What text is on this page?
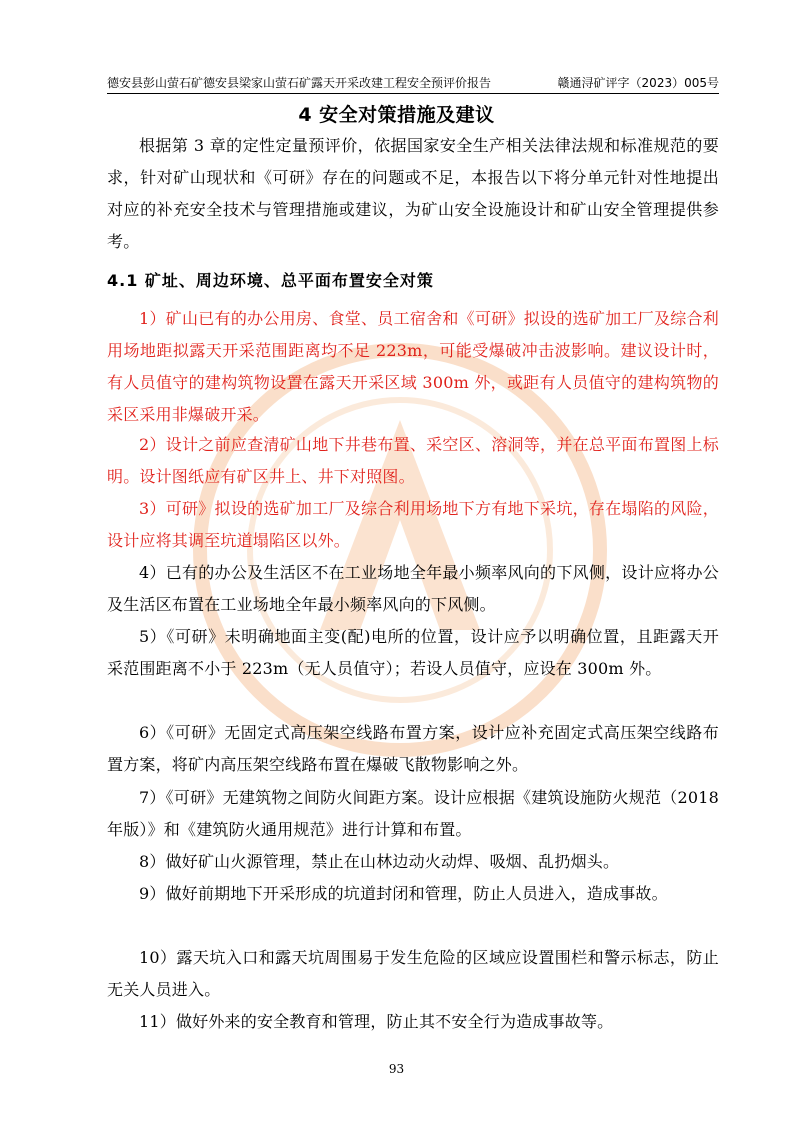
德安县彭山萤石矿德安县梁家山萤石矿露天开采改建工程安全预评价报告	赣通浔矿评字（2023）005号
4 安全对策措施及建议

根据第 3 章的定性定量预评价，依据国家安全生产相关法律法规和标准规范的要求，针对矿山现状和《可研》存在的问题或不足，本报告以下将分单元针对性地提出对应的补充安全技术与管理措施或建议，为矿山安全设施设计和矿山安全管理提供参考。

4.1 矿址、周边环境、总平面布置安全对策

1）矿山已有的办公用房、食堂、员工宿舍和《可研》拟设的选矿加工厂及综合利用场地距拟露天开采范围距离均不足 223m，可能受爆破冲击波影响。建议设计时，有人员值守的建构筑物设置在露天开采区域 300m 外，或距有人员值守的建构筑物的采区采用非爆破开采。

2）设计之前应查清矿山地下井巷布置、采空区、溶洞等，并在总平面布置图上标明。设计图纸应有矿区井上、井下对照图。

3）可研》拟设的选矿加工厂及综合利用场地下方有地下采坑，存在塌陷的风险，设计应将其调至坑道塌陷区以外。

4）已有的办公及生活区不在工业场地全年最小频率风向的下风侧，设计应将办公及生活区布置在工业场地全年最小频率风向的下风侧。

5）《可研》未明确地面主变(配)电所的位置，设计应予以明确位置，且距露天开采范围距离不小于 223m（无人员值守）；若设人员值守，应设在 300m 外。

6）《可研》无固定式高压架空线路布置方案，设计应补充固定式高压架空线路布置方案，将矿内高压架空线路布置在爆破飞散物影响之外。

7）《可研》无建筑物之间防火间距方案。设计应根据《建筑设施防火规范（2018 年版）》和《建筑防火通用规范》进行计算和布置。

8）做好矿山火源管理，禁止在山林边动火动焊、吸烟、乱扔烟头。

9）做好前期地下开采形成的坑道封闭和管理，防止人员进入，造成事故。

10）露天坑入口和露天坑周围易于发生危险的区域应设置围栏和警示标志，防止无关人员进入。

11）做好外来的安全教育和管理，防止其不安全行为造成事故等。

93
